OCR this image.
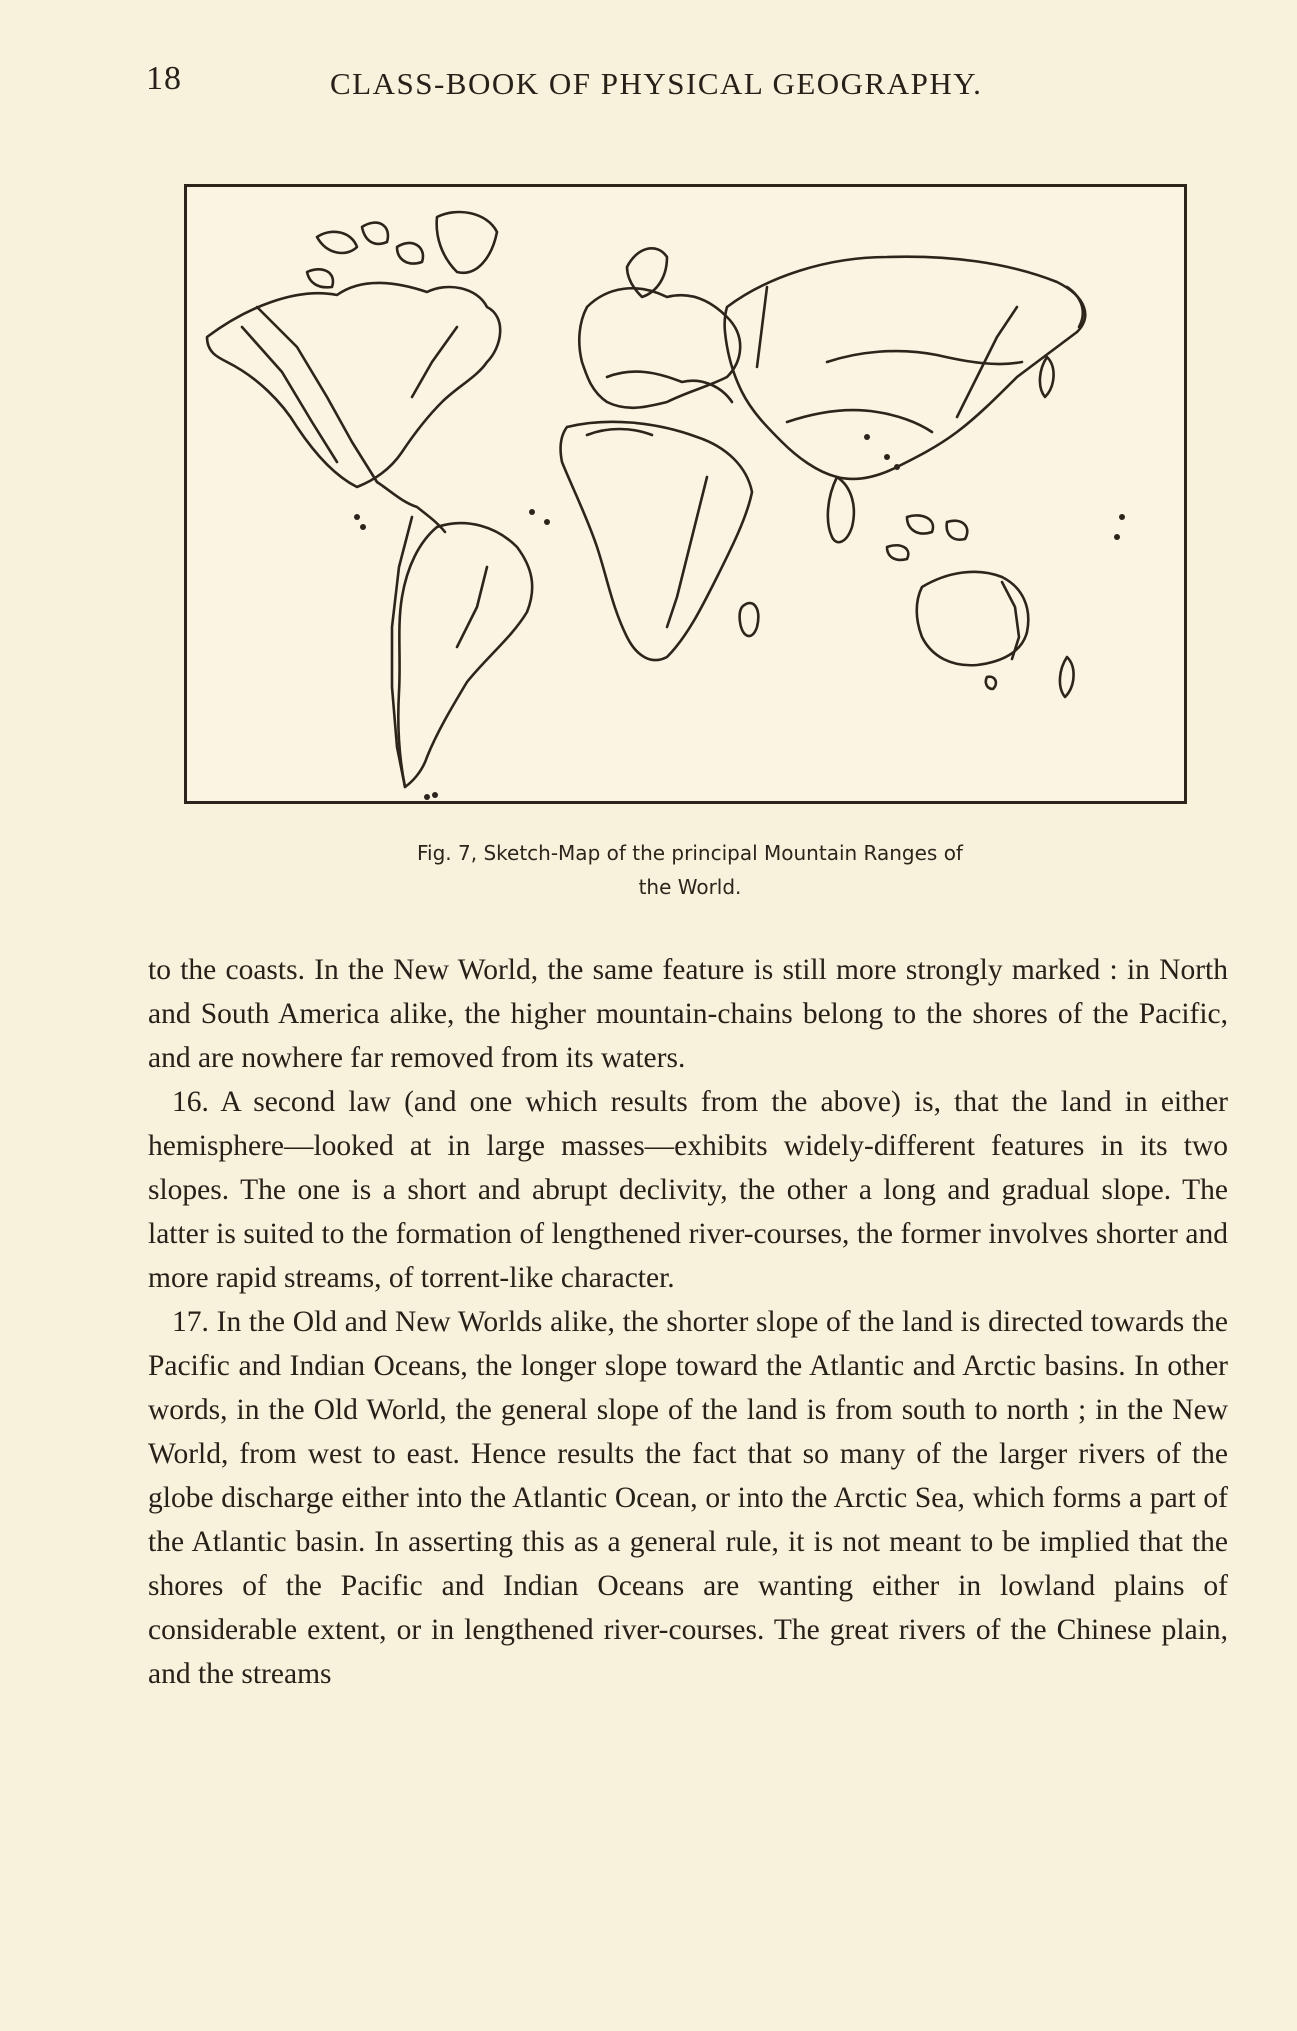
18	CLASS-BOOK OF PHYSICAL GEOGRAPHY.
Fig. 7, Sketch-Map of the principal Mountain Ranges of
the World.

to the coasts. In the New World, the same feature is still more strongly marked : in North and South America alike, the higher mountain-chains belong to the shores of the Pacific, and are nowhere far removed from its waters.

16. A second law (and one which results from the above) is, that the land in either hemisphere—looked at in large masses—exhibits widely-different features in its two slopes. The one is a short and abrupt declivity, the other a long and gradual slope. The latter is suited to the formation of lengthened river-courses, the former involves shorter and more rapid streams, of torrent-like character.

17. In the Old and New Worlds alike, the shorter slope of the land is directed towards the Pacific and Indian Oceans, the longer slope toward the Atlantic and Arctic basins. In other words, in the Old World, the general slope of the land is from south to north ; in the New World, from west to east. Hence results the fact that so many of the larger rivers of the globe discharge either into the Atlantic Ocean, or into the Arctic Sea, which forms a part of the Atlantic basin. In asserting this as a general rule, it is not meant to be implied that the shores of the Pacific and Indian Oceans are wanting either in lowland plains of considerable extent, or in lengthened river-courses. The great rivers of the Chinese plain, and the streams
